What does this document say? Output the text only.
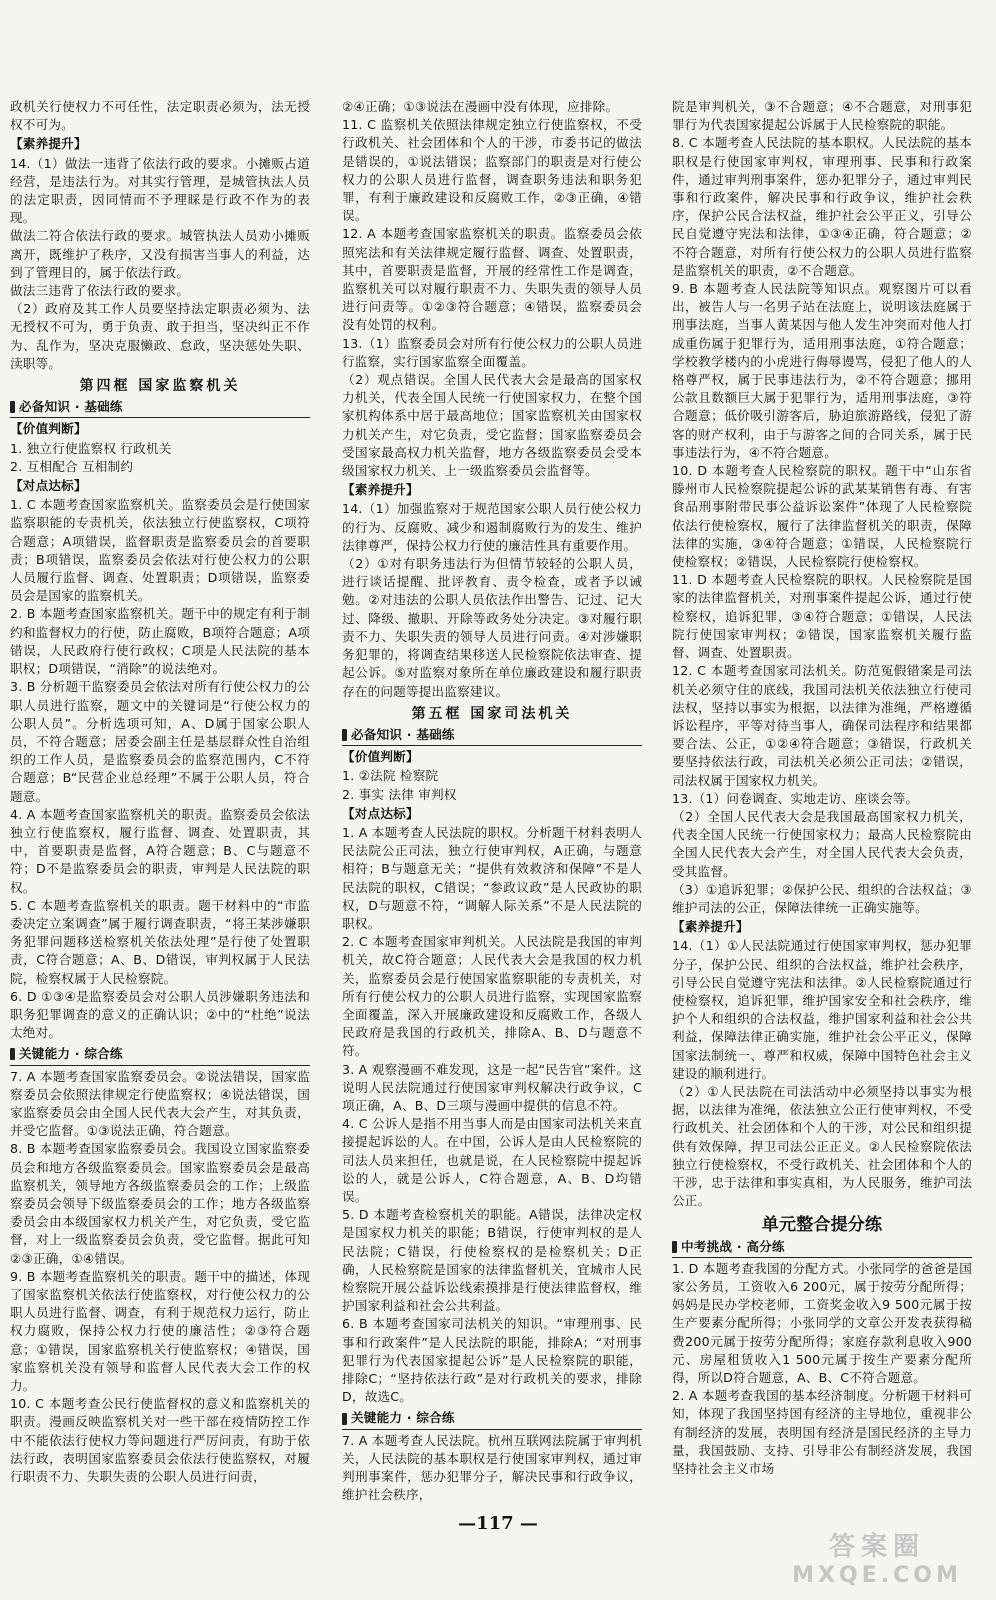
政机关行使权力不可任性，法定职责必须为，法无授权不可为。
【素养提升】
14.（1）做法一违背了依法行政的要求。小摊贩占道经营，是违法行为。对其实行管理，是城管执法人员的法定职责，因同情而不予理睬是行政不作为的表现。
做法二符合依法行政的要求。城管执法人员劝小摊贩离开，既维护了秩序，又没有损害当事人的利益，达到了管理目的，属于依法行政。
做法三违背了依法行政的要求。
（2）政府及其工作人员要坚持法定职责必须为、法无授权不可为，勇于负责、敢于担当，坚决纠正不作为、乱作为，坚决克服懒政、怠政，坚决惩处失职、渎职等。
第四框 国家监察机关
必备知识 · 基础练
【价值判断】
1. 独立行使监察权 行政机关
2. 互相配合 互相制约
【对点达标】
1. C 本题考查国家监察机关。监察委员会是行使国家监察职能的专责机关，依法独立行使监察权，C项符合题意；A项错误，监督职责是监察委员会的首要职责；B项错误，监察委员会依法对行使公权力的公职人员履行监督、调查、处置职责；D项错误，监察委员会是国家的监察机关。
2. B 本题考查国家监察机关。题干中的规定有利于制约和监督权力的行使，防止腐败，B项符合题意；A项错误，人民政府行使行政权；C项是人民法院的基本职权；D项错误，“消除”的说法绝对。
3. B 分析题干监察委员会依法对所有行使公权力的公职人员进行监察，题文中的关键词是“行使公权力的公职人员”。分析选项可知，A、D属于国家公职人员，不符合题意；居委会副主任是基层群众性自治组织的工作人员，是监察委员会的监察范围内，C不符合题意；B“民营企业总经理”不属于公职人员，符合题意。
4. A 本题考查国家监察机关的职责。监察委员会依法独立行使监察权，履行监督、调查、处置职责，其中，首要职责是监督，A符合题意；B、C与题意不符；D不是监察委员会的职责，审判是人民法院的职权。
5. C 本题考查监察机关的职责。题干材料中的“市监委决定立案调查”属于履行调查职责，“将王某涉嫌职务犯罪问题移送检察机关依法处理”是行使了处置职责，C符合题意；A、B、D错误，审判权属于人民法院，检察权属于人民检察院。
6. D ①③④是监察委员会对公职人员涉嫌职务违法和职务犯罪调查的意义的正确认识；②中的“杜绝”说法太绝对。
关键能力 · 综合练
7. A 本题考查国家监察委员会。②说法错误，国家监察委员会依照法律规定行使监察权；④说法错误，国家监察委员会由全国人民代表大会产生，对其负责，并受它监督。①③说法正确，符合题意。
8. B 本题考查国家监察委员会。我国设立国家监察委员会和地方各级监察委员会。国家监察委员会是最高监察机关，领导地方各级监察委员会的工作；上级监察委员会领导下级监察委员会的工作；地方各级监察委员会由本级国家权力机关产生，对它负责，受它监督，对上一级监察委员会负责，受它监督。据此可知②③正确，①④错误。
9. B 本题考查监察机关的职责。题干中的描述，体现了国家监察机关依法行使监察权，对行使公权力的公职人员进行监督、调查，有利于规范权力运行，防止权力腐败，保持公权力行使的廉洁性；②③符合题意；①错误，国家监察机关行使监察权；④错误，国家监察机关没有领导和监督人民代表大会工作的权力。
10. C 本题考查公民行使监督权的意义和监察机关的职责。漫画反映监察机关对一些干部在疫情防控工作中不能依法行使权力等问题进行严厉问责，有助于依法行政，表明国家监察委员会依法行使监察权，对履行职责不力、失职失责的公职人员进行问责，
②④正确；①③说法在漫画中没有体现，应排除。
11. C 监察机关依照法律规定独立行使监察权，不受行政机关、社会团体和个人的干涉，市委书记的做法是错误的，①说法错误；监察部门的职责是对行使公权力的公职人员进行监督，调查职务违法和职务犯罪，有利于廉政建设和反腐败工作，②③正确，④错误。
12. A 本题考查国家监察机关的职责。监察委员会依照宪法和有关法律规定履行监督、调查、处置职责，其中，首要职责是监督，开展的经常性工作是调查，监察机关可以对履行职责不力、失职失责的领导人员进行问责等。①②③符合题意；④错误，监察委员会没有处罚的权利。
13.（1）监察委员会对所有行使公权力的公职人员进行监察，实行国家监察全面覆盖。
（2）观点错误。全国人民代表大会是最高的国家权力机关，代表全国人民统一行使国家权力，在整个国家机构体系中居于最高地位；国家监察机关由国家权力机关产生，对它负责，受它监督；国家监察委员会受国家最高权力机关监督，地方各级监察委员会受本级国家权力机关、上一级监察委员会监督等。
【素养提升】
14.（1）加强监察对于规范国家公职人员行使公权力的行为、反腐败、减少和遏制腐败行为的发生、维护法律尊严，保持公权力行使的廉洁性具有重要作用。
（2）①对有职务违法行为但情节较轻的公职人员，进行谈话提醒、批评教育、责令检查，或者予以诫勉。②对违法的公职人员依法作出警告、记过、记大过、降级、撤职、开除等政务处分决定。③对履行职责不力、失职失责的领导人员进行问责。④对涉嫌职务犯罪的，将调查结果移送人民检察院依法审查、提起公诉。⑤对监察对象所在单位廉政建设和履行职责存在的问题等提出监察建议。
第五框 国家司法机关
必备知识 · 基础练
【价值判断】
1. ②法院 检察院
2. 事实 法律 审判权
【对点达标】
1. A 本题考查人民法院的职权。分析题干材料表明人民法院公正司法，独立行使审判权，A正确，与题意相符；B与题意无关；“提供有效救济和保障”不是人民法院的职权，C错误；“参政议政”是人民政协的职权，D与题意不符，“调解人际关系”不是人民法院的职权。
2. C 本题考查国家审判机关。人民法院是我国的审判机关，故C符合题意；人民代表大会是我国的权力机关，监察委员会是行使国家监察职能的专责机关，对所有行使公权力的公职人员进行监察，实现国家监察全面覆盖，深入开展廉政建设和反腐败工作，各级人民政府是我国的行政机关，排除A、B、D与题意不符。
3. A 观察漫画不难发现，这是一起“民告官”案件。这说明人民法院通过行使国家审判权解决行政争议，C项正确，A、B、D三项与漫画中提供的信息不符。
4. C 公诉人是指不用当事人而是由国家司法机关来直接提起诉讼的人。在中国，公诉人是由人民检察院的司法人员来担任，也就是说，在人民检察院中提起诉讼的人，就是公诉人，C符合题意，A、B、D均错误。
5. D 本题考查检察机关的职能。A错误，法律决定权是国家权力机关的职能；B错误，行使审判权的是人民法院；C错误，行使检察权的是检察机关；D正确，人民检察院是国家的法律监督机关，宜城市人民检察院开展公益诉讼线索摸排是行使法律监督权，维护国家利益和社会公共利益。
6. B 本题考查国家司法机关的知识。“审理刑事、民事和行政案件”是人民法院的职能，排除A；“对刑事犯罪行为代表国家提起公诉”是人民检察院的职能，排除C；“坚持依法行政”是对行政机关的要求，排除D，故选C。
关键能力 · 综合练
7. A 本题考查人民法院。杭州互联网法院属于审判机关，人民法院的基本职权是行使国家审判权，通过审判刑事案件，惩办犯罪分子，解决民事和行政争议，维护社会秩序，
院是审判机关，③不合题意；④不合题意，对刑事犯罪行为代表国家提起公诉属于人民检察院的职能。
8. C 本题考查人民法院的基本职权。人民法院的基本职权是行使国家审判权，审理刑事、民事和行政案件，通过审判刑事案件，惩办犯罪分子，通过审判民事和行政案件，解决民事和行政争议，维护社会秩序，保护公民合法权益，维护社会公平正义，引导公民自觉遵守宪法和法律，①③④正确，符合题意；②不符合题意，对所有行使公权力的公职人员进行监察是监察机关的职责，②不合题意。
9. B 本题考查人民法院等知识点。观察图片可以看出，被告人与一名男子站在法庭上，说明该法庭属于刑事法庭，当事人黄某因与他人发生冲突而对他人打成重伤属于犯罪行为，适用刑事法庭，①符合题意；学校教学楼内的小虎进行侮辱谩骂，侵犯了他人的人格尊严权，属于民事违法行为，②不符合题意；挪用公款且数额巨大属于犯罪行为，适用刑事法庭，③符合题意；低价吸引游客后，胁迫旅游路线，侵犯了游客的财产权利，由于与游客之间的合同关系，属于民事违法行为，④不符合题意。
10. D 本题考查人民检察院的职权。题干中“山东省滕州市人民检察院提起公诉的武某某销售有毒、有害食品刑事附带民事公益诉讼案件”体现了人民检察院依法行使检察权，履行了法律监督机关的职责，保障法律的实施，③④符合题意；①错误，人民检察院行使检察权；②错误，人民检察院行使检察权。
11. D 本题考查人民检察院的职权。人民检察院是国家的法律监督机关，对刑事案件提起公诉，通过行使检察权，追诉犯罪，③④符合题意；①错误，人民法院行使国家审判权；②错误，国家监察机关履行监督、调查、处置职责。
12. C 本题考查国家司法机关。防范冤假错案是司法机关必须守住的底线，我国司法机关依法独立行使司法权，坚持以事实为根据，以法律为准绳，严格遵循诉讼程序，平等对待当事人，确保司法程序和结果都要合法、公正，①②④符合题意；③错误，行政机关要坚持依法行政，司法机关必须公正司法；②错误，司法权属于国家权力机关。
13.（1）问卷调查、实地走访、座谈会等。
（2）全国人民代表大会是我国最高国家权力机关，代表全国人民统一行使国家权力；最高人民检察院由全国人民代表大会产生，对全国人民代表大会负责，受其监督。
（3）①追诉犯罪；②保护公民、组织的合法权益；③维护司法的公正，保障法律统一正确实施等。
【素养提升】
14.（1）①人民法院通过行使国家审判权，惩办犯罪分子，保护公民、组织的合法权益，维护社会秩序，引导公民自觉遵守宪法和法律。②人民检察院通过行使检察权，追诉犯罪，维护国家安全和社会秩序，维护个人和组织的合法权益，维护国家利益和社会公共利益，保障法律正确实施，维护社会公平正义，保障国家法制统一、尊严和权威，保障中国特色社会主义建设的顺利进行。
（2）①人民法院在司法活动中必须坚持以事实为根据，以法律为准绳，依法独立公正行使审判权，不受行政机关、社会团体和个人的干涉，对公民和组织提供有效保障，捍卫司法公正正义。②人民检察院依法独立行使检察权，不受行政机关、社会团体和个人的干涉，忠于法律和事实真相，为人民服务，维护司法公正。
单元整合提分练
中考挑战 · 高分练
1. D 本题考查我国的分配方式。小张同学的爸爸是国家公务员，工资收入6 200元，属于按劳分配所得；妈妈是民办学校老师，工资奖金收入9 500元属于按生产要素分配所得；小张同学的文章公开发表获得稿费200元属于按劳分配所得；家庭存款利息收入900元、房屋租赁收入1 500元属于按生产要素分配所得，所以D符合题意，A、B、C不符合题意。
2. A 本题考查我国的基本经济制度。分析题干材料可知，体现了我国坚持国有经济的主导地位，重视非公有制经济的发展，表明国有经济是国民经济的主导力量，我国鼓励、支持、引导非公有制经济发展，我国坚持社会主义市场
—117 —
答案圈
MXQE.COM
